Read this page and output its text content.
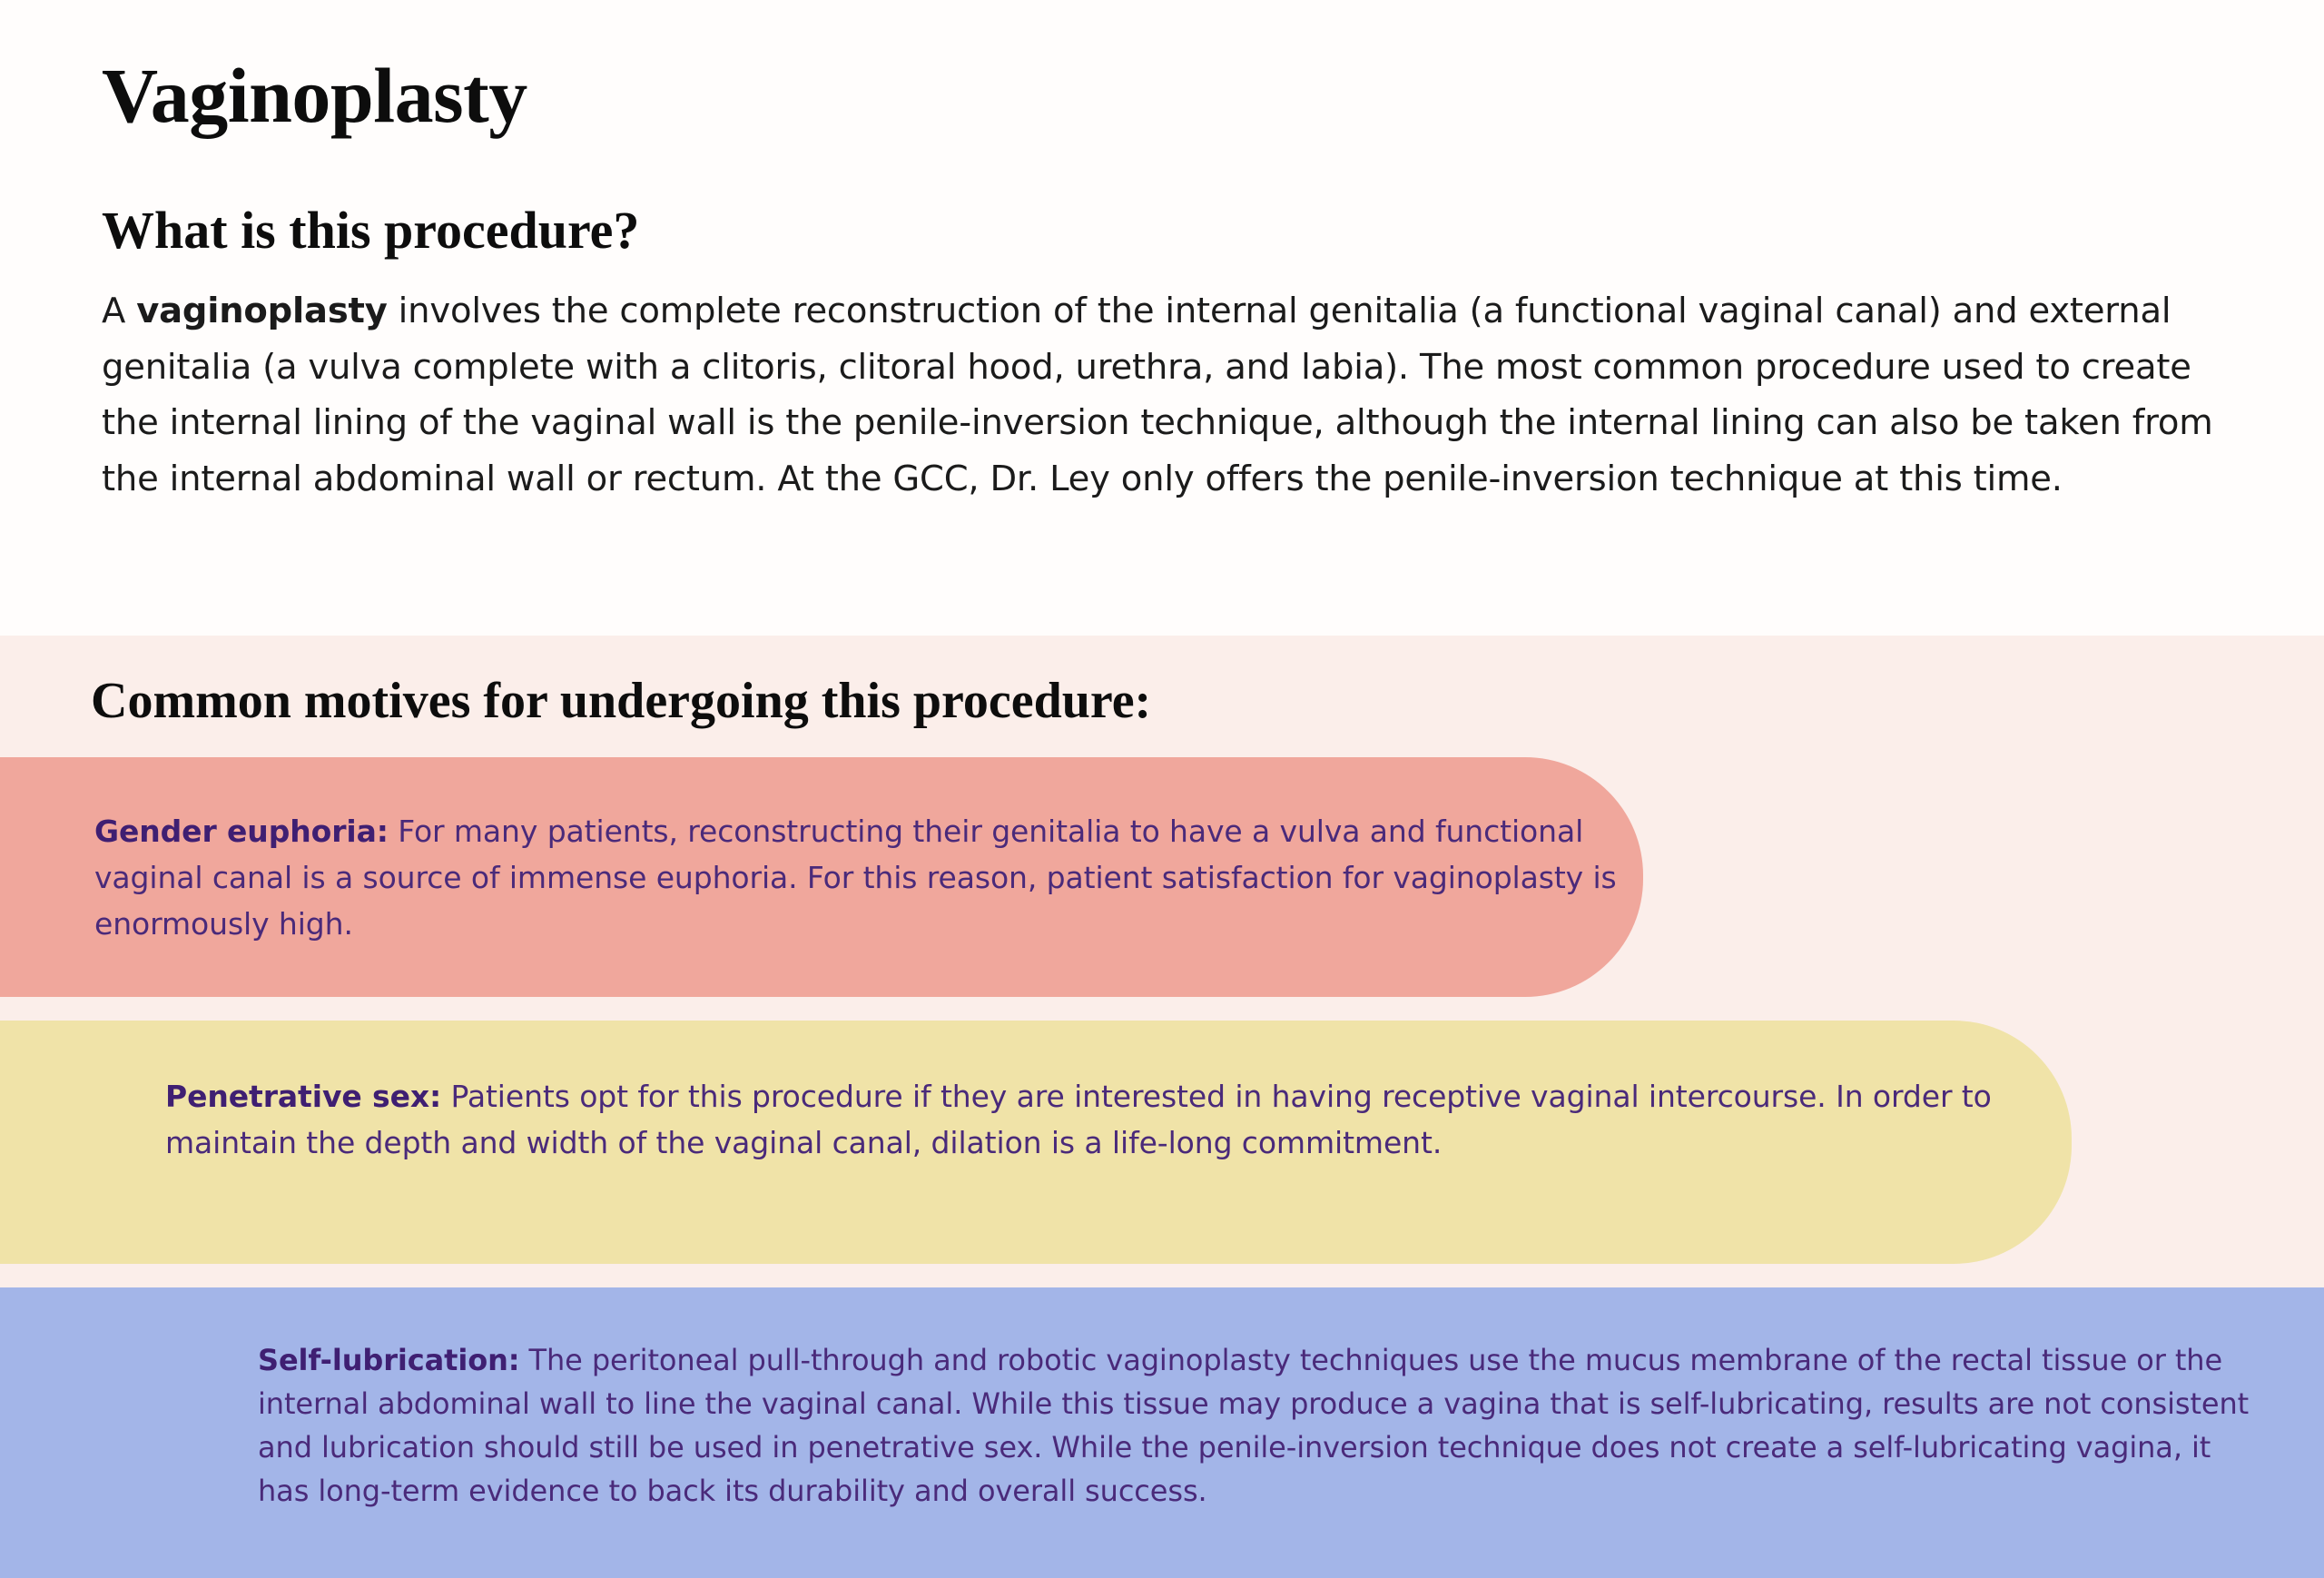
Vaginoplasty
What is this procedure?

A vaginoplasty involves the complete reconstruction of the internal genitalia (a functional vaginal canal) and external genitalia (a vulva complete with a clitoris, clitoral hood, urethra, and labia). The most common procedure used to create the internal lining of the vaginal wall is the penile-inversion technique, although the internal lining can also be taken from the internal abdominal wall or rectum. At the GCC, Dr. Ley only offers the penile-inversion technique at this time.

Common motives for undergoing this procedure:

Gender euphoria: For many patients, reconstructing their genitalia to have a vulva and functional vaginal canal is a source of immense euphoria. For this reason, patient satisfaction for vaginoplasty is enormously high.

Penetrative sex: Patients opt for this procedure if they are interested in having receptive vaginal intercourse. In order to maintain the depth and width of the vaginal canal, dilation is a life-long commitment.

Self-lubrication: The peritoneal pull-through and robotic vaginoplasty techniques use the mucus membrane of the rectal tissue or the internal abdominal wall to line the vaginal canal. While this tissue may produce a vagina that is self-lubricating, results are not consistent and lubrication should still be used in penetrative sex. While the penile-inversion technique does not create a self-lubricating vagina, it has long-term evidence to back its durability and overall success.
